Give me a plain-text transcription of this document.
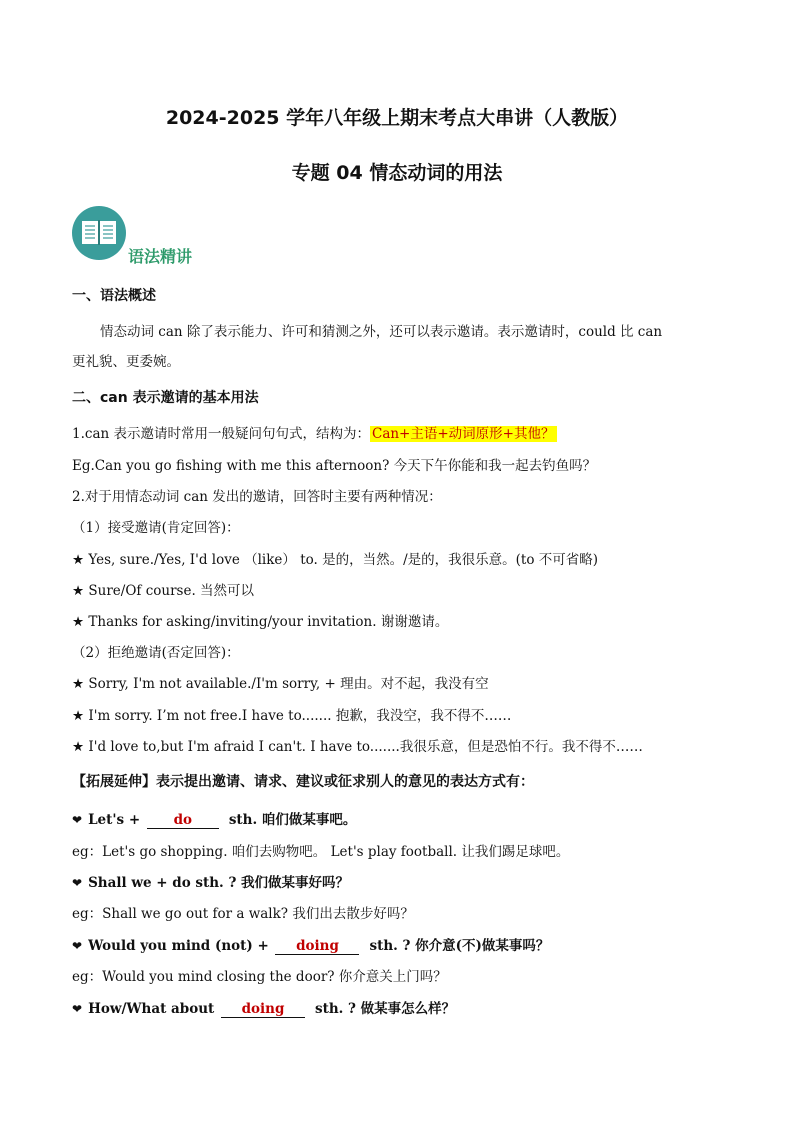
2024-2025 学年八年级上期末考点大串讲（人教版）
专题 04 情态动词的用法
语法精讲
一、语法概述
情态动词 can 除了表示能力、许可和猜测之外，还可以表示邀请。表示邀请时，could 比 can
更礼貌、更委婉。
二、can 表示邀请的基本用法
1.can 表示邀请时常用一般疑问句句式，结构为： Can+主语+动词原形+其他？
Eg.Can you go fishing with me this afternoon? 今天下午你能和我一起去钓鱼吗？
2.对于用情态动词 can 发出的邀请，回答时主要有两种情况：
（1）接受邀请(肯定回答)：
★ Yes, sure./Yes, I'd love （like） to. 是的，当然。/是的，我很乐意。(to 不可省略)
★ Sure/Of course. 当然可以
★ Thanks for asking/inviting/your invitation. 谢谢邀请。
（2）拒绝邀请(否定回答)：
★ Sorry, I'm not available./I'm sorry, + 理由。对不起，我没有空
★ I'm sorry. I’m not free.I have to....... 抱歉，我没空，我不得不……
★ I'd love to,but I'm afraid I can't. I have to.......我很乐意，但是恐怕不行。我不得不……
【拓展延伸】表示提出邀请、请求、建议或征求别人的意见的表达方式有：
❤ Let's + do	sth. 咱们做某事吧。
eg：Let's go shopping. 咱们去购物吧。 Let's play football. 让我们踢足球吧。
❤ Shall we + do sth. ? 我们做某事好吗？
eg：Shall we go out for a walk? 我们出去散步好吗？
❤ Would you mind (not) + doing sth. ? 你介意(不)做某事吗？
eg：Would you mind closing the door? 你介意关上门吗？
❤ How/What about doing sth. ? 做某事怎么样？
